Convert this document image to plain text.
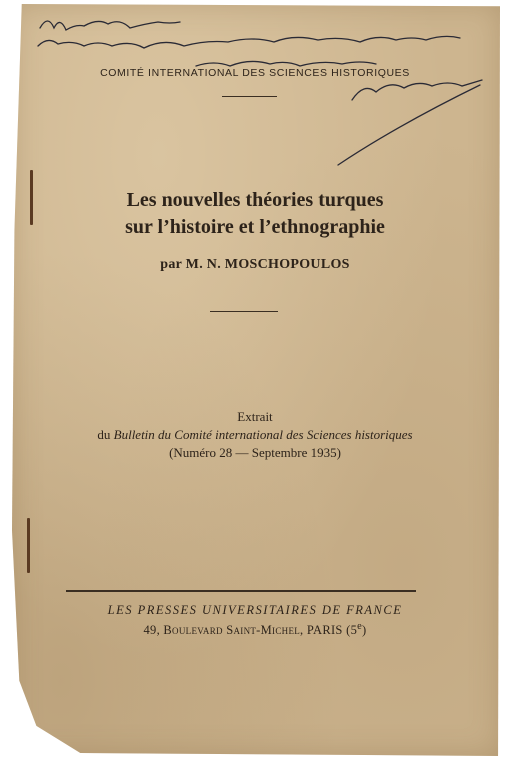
COMITÉ INTERNATIONAL DES SCIENCES HISTORIQUES
Les nouvelles théories turques
sur l’histoire et l’ethnographie
par M. N. MOSCHOPOULOS
Extrait
du Bulletin du Comité international des Sciences historiques
(Numéro 28 — Septembre 1935)
LES PRESSES UNIVERSITAIRES DE FRANCE
49, Boulevard Saint-Michel, PARIS (5e)
